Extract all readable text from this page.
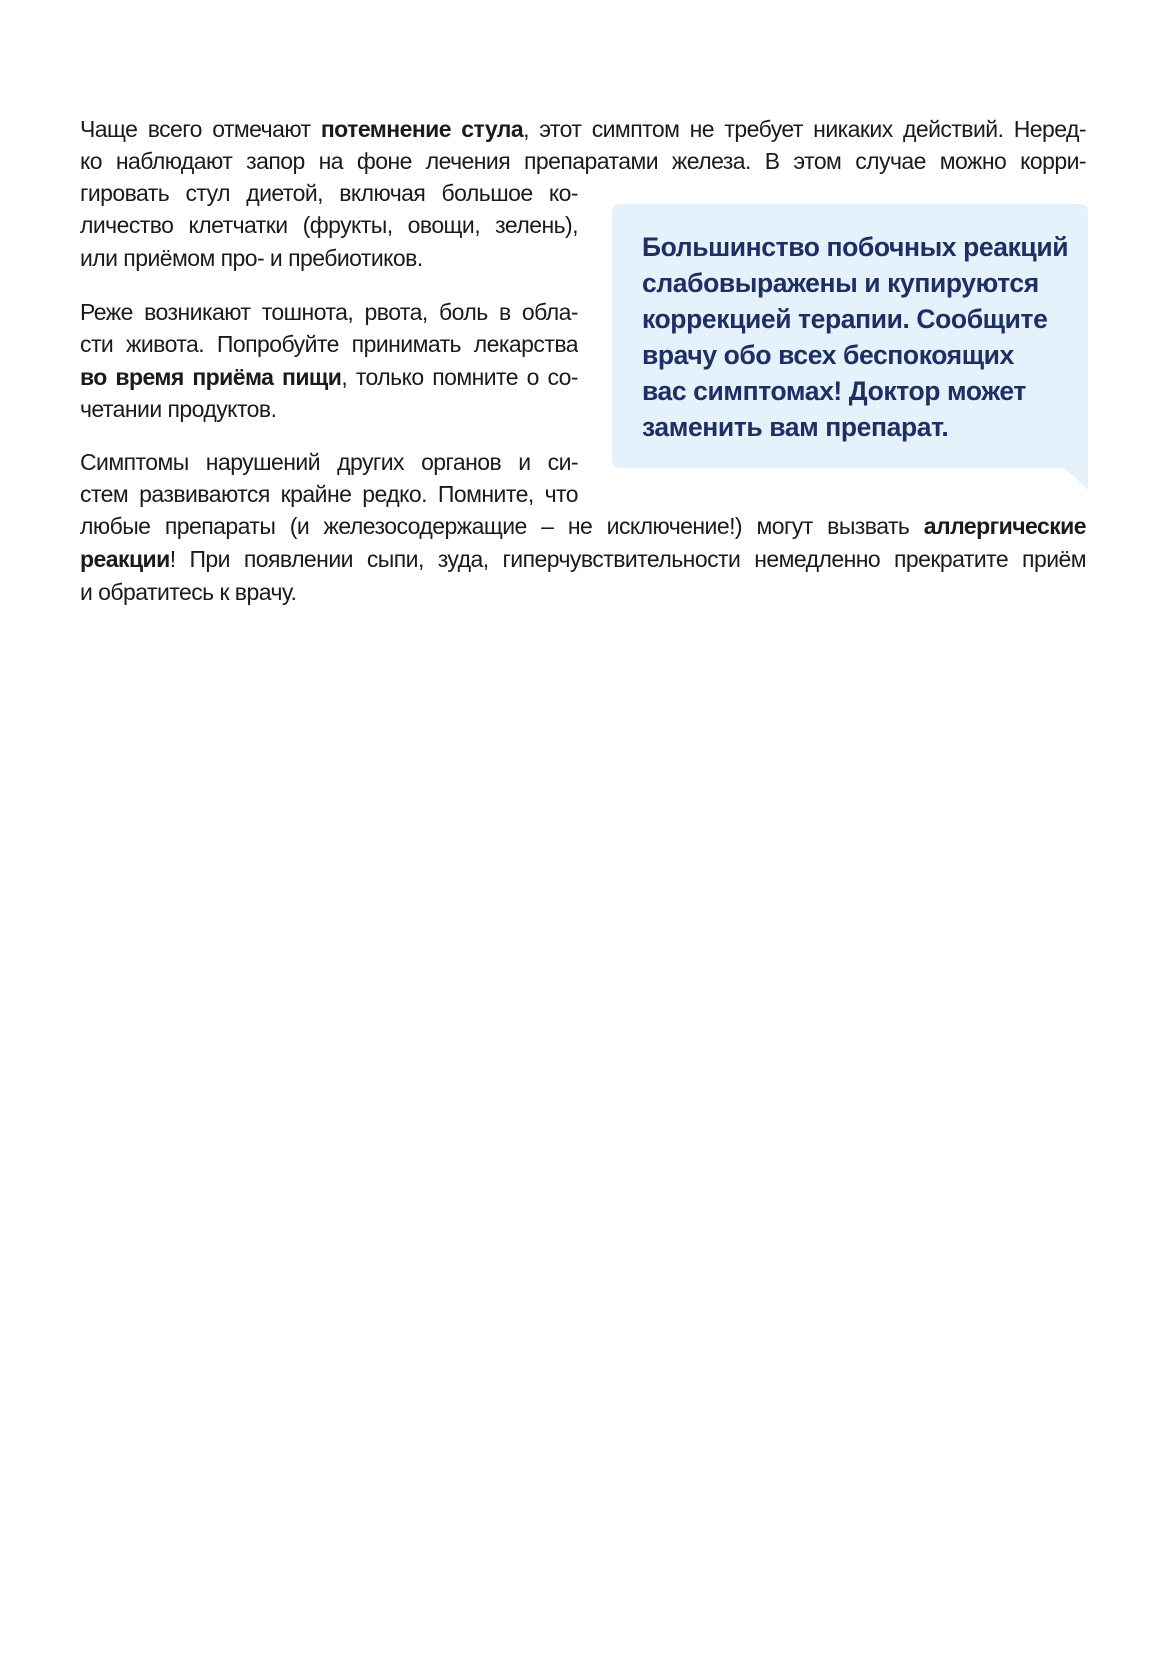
Чаще всего отмечают потемнение стула, этот симптом не требует никаких действий. Неред-
ко наблюдают запор на фоне лечения препаратами железа. В этом случае можно корри-
гировать стул диетой, включая большое ко-
личество клетчатки (фрукты, овощи, зелень),
или приёмом про- и пребиотиков.
Реже возникают тошнота, рвота, боль в обла-
сти живота. Попробуйте принимать лекарства
во время приёма пищи, только помните о со-
четании продуктов.
Симптомы нарушений других органов и си-
стем развиваются крайне редко. Помните, что
любые препараты (и железосодержащие – не исключение!) могут вызвать аллергические
реакции! При появлении сыпи, зуда, гиперчувствительности немедленно прекратите приём
и обратитесь к врачу.
Большинство побочных реакций
слабовыражены и купируются
коррекцией терапии. Сообщите
врачу обо всех беспокоящих
вас симптомах! Доктор может
заменить вам препарат.
